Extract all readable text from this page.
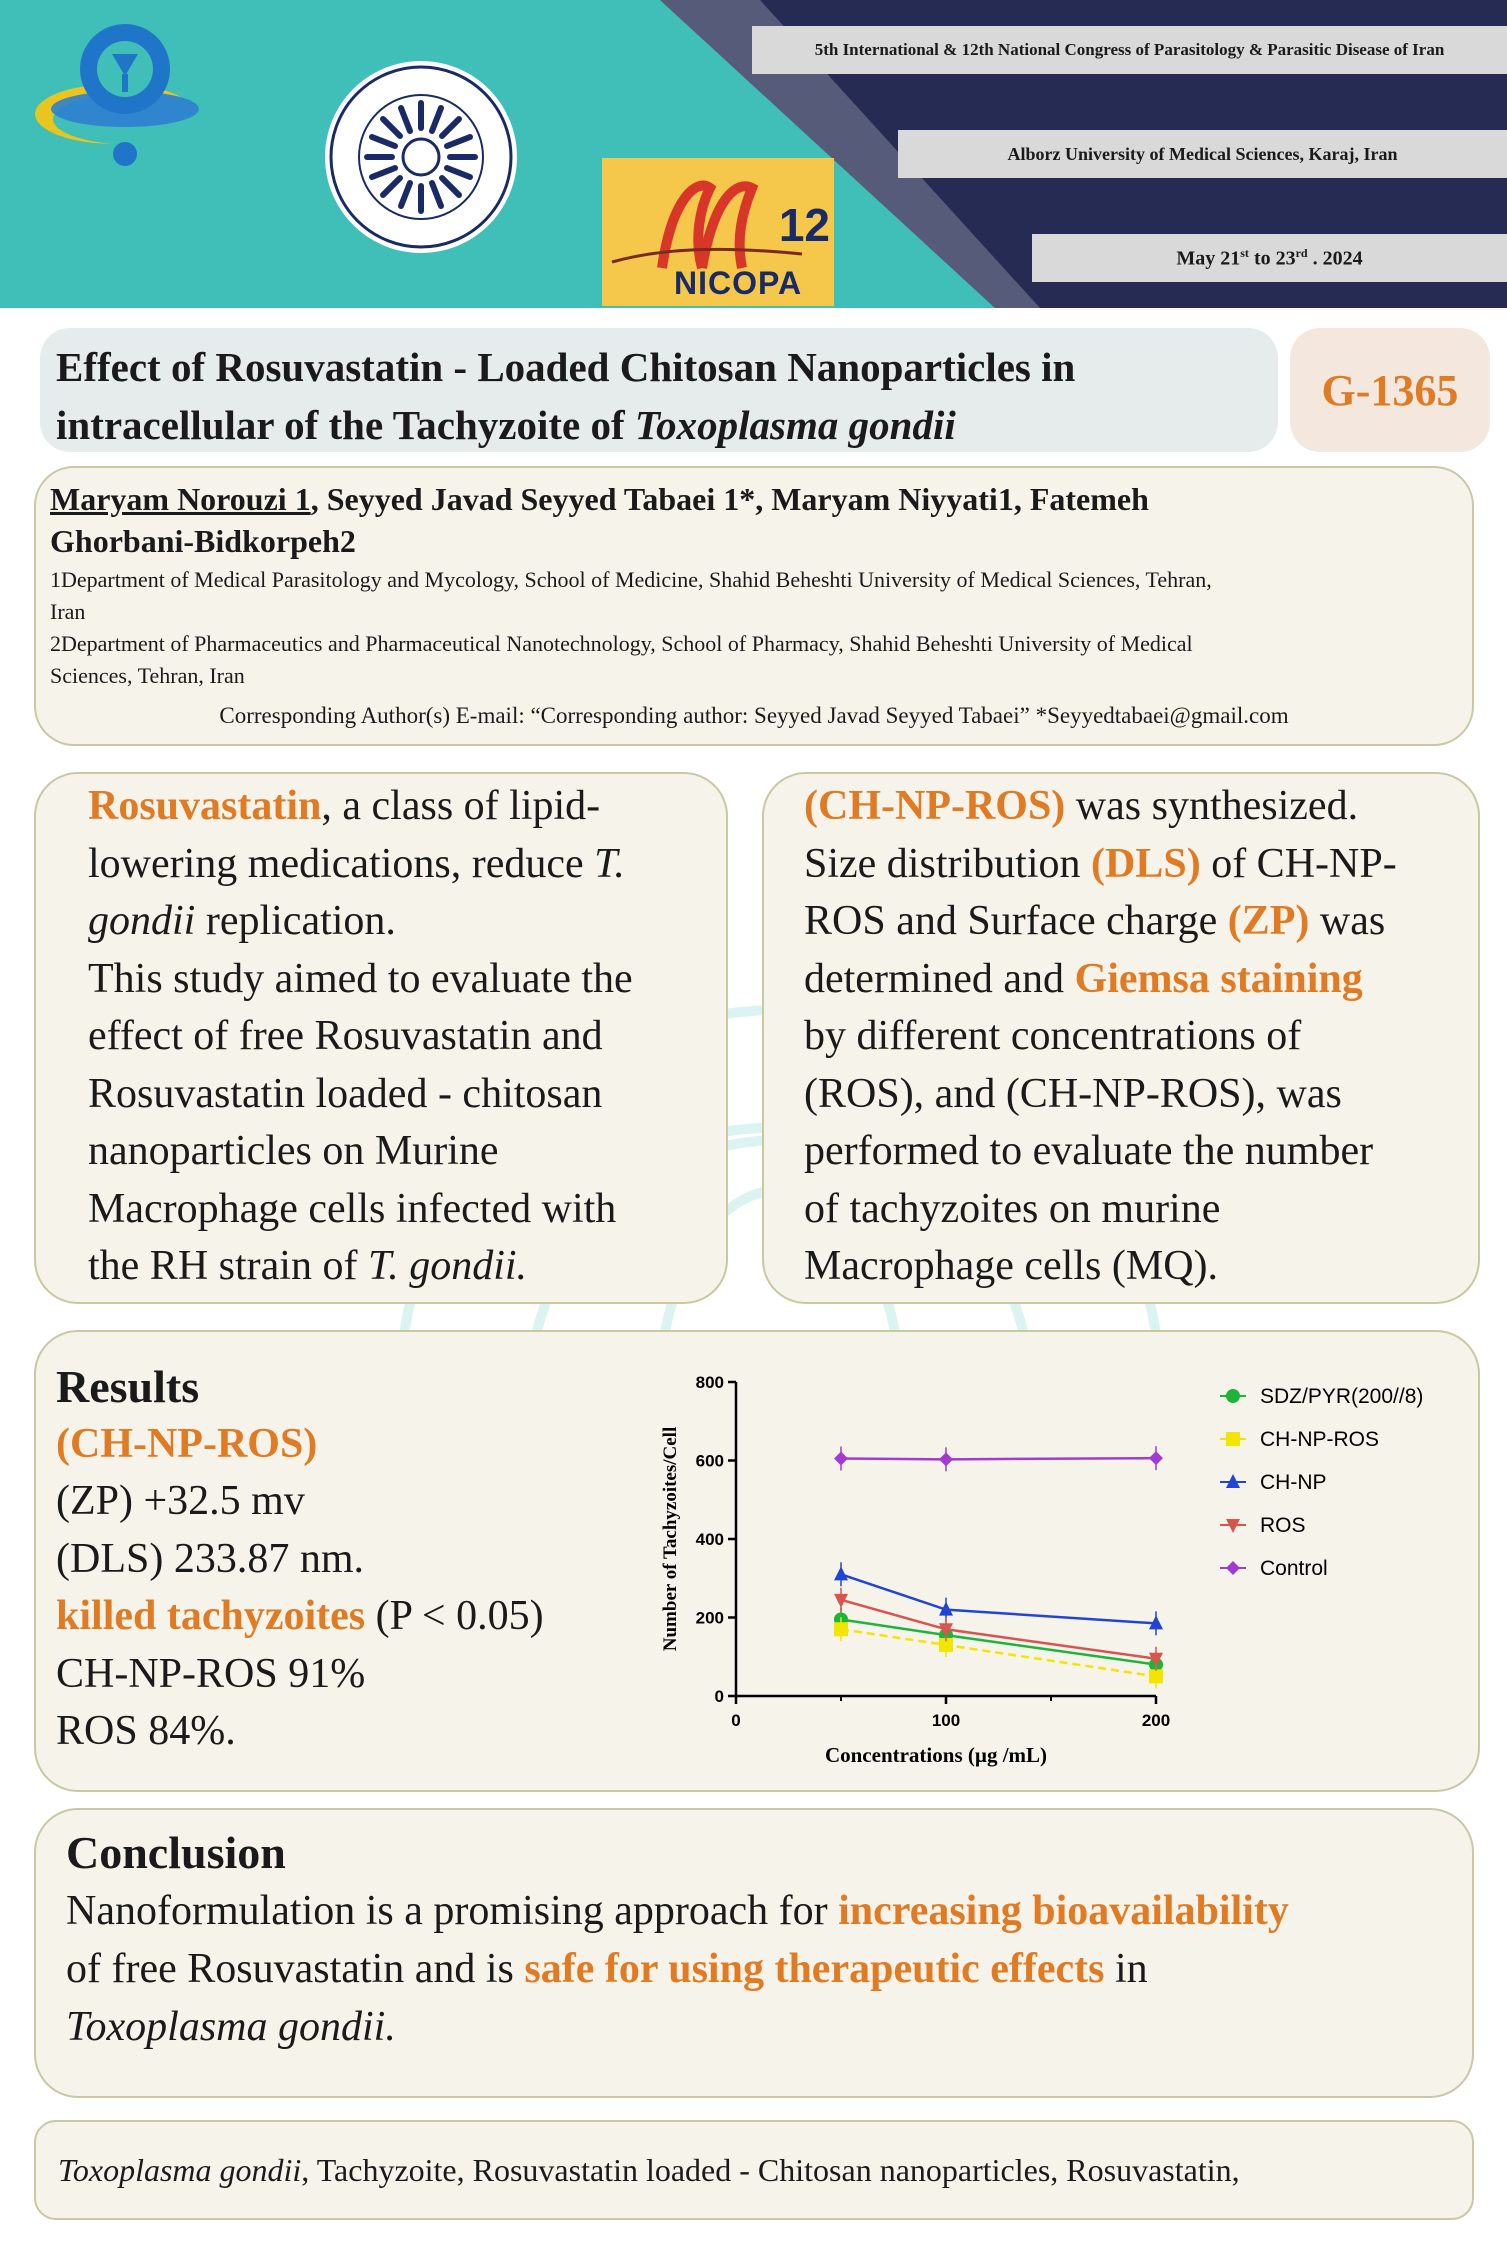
12
NICOPA
5th International & 12th National Congress of Parasitology & Parasitic Disease of Iran
Alborz University of Medical Sciences, Karaj, Iran
May 21st to 23rd . 2024
Effect of Rosuvastatin - Loaded Chitosan Nanoparticles in
intracellular of the Tachyzoite of Toxoplasma gondii
G-1365
Maryam Norouzi 1, Seyyed Javad Seyyed Tabaei 1*, Maryam Niyyati1, Fatemeh
Ghorbani-Bidkorpeh2
1Department of Medical Parasitology and Mycology, School of Medicine, Shahid Beheshti University of Medical Sciences, Tehran,
Iran
2Department of Pharmaceutics and Pharmaceutical Nanotechnology, School of Pharmacy, Shahid Beheshti University of Medical
Sciences, Tehran, Iran
Corresponding Author(s) E-mail: “Corresponding author: Seyyed Javad Seyyed Tabaei” *Seyyedtabaei@gmail.com
Rosuvastatin, a class of lipid-
lowering medications, reduce T.
gondii replication.
This study aimed to evaluate the
effect of free Rosuvastatin and
Rosuvastatin loaded - chitosan
nanoparticles on Murine
Macrophage cells infected with
the RH strain of T. gondii.
(CH-NP-ROS) was synthesized.
Size distribution (DLS) of CH-NP-
ROS and Surface charge (ZP) was
determined and Giemsa staining
by different concentrations of
(ROS), and (CH-NP-ROS), was
performed to evaluate the number
of tachyzoites on murine
Macrophage cells (MQ).
Results
(CH-NP-ROS)
(ZP) +32.5 mv
(DLS) 233.87 nm.
killed tachyzoites (P < 0.05)
CH-NP-ROS 91%
ROS 84%.
0
200
400
600
800
0	100	200
Concentrations (µg /mL)
Number of Tachyzoites/Cell
SDZ/PYR(200//8)
CH-NP-ROS
CH-NP
ROS
Control
Conclusion
Nanoformulation is a promising approach for increasing bioavailability
of free Rosuvastatin and is safe for using therapeutic effects in
Toxoplasma gondii.
Toxoplasma gondii, Tachyzoite, Rosuvastatin loaded - Chitosan nanoparticles, Rosuvastatin,
